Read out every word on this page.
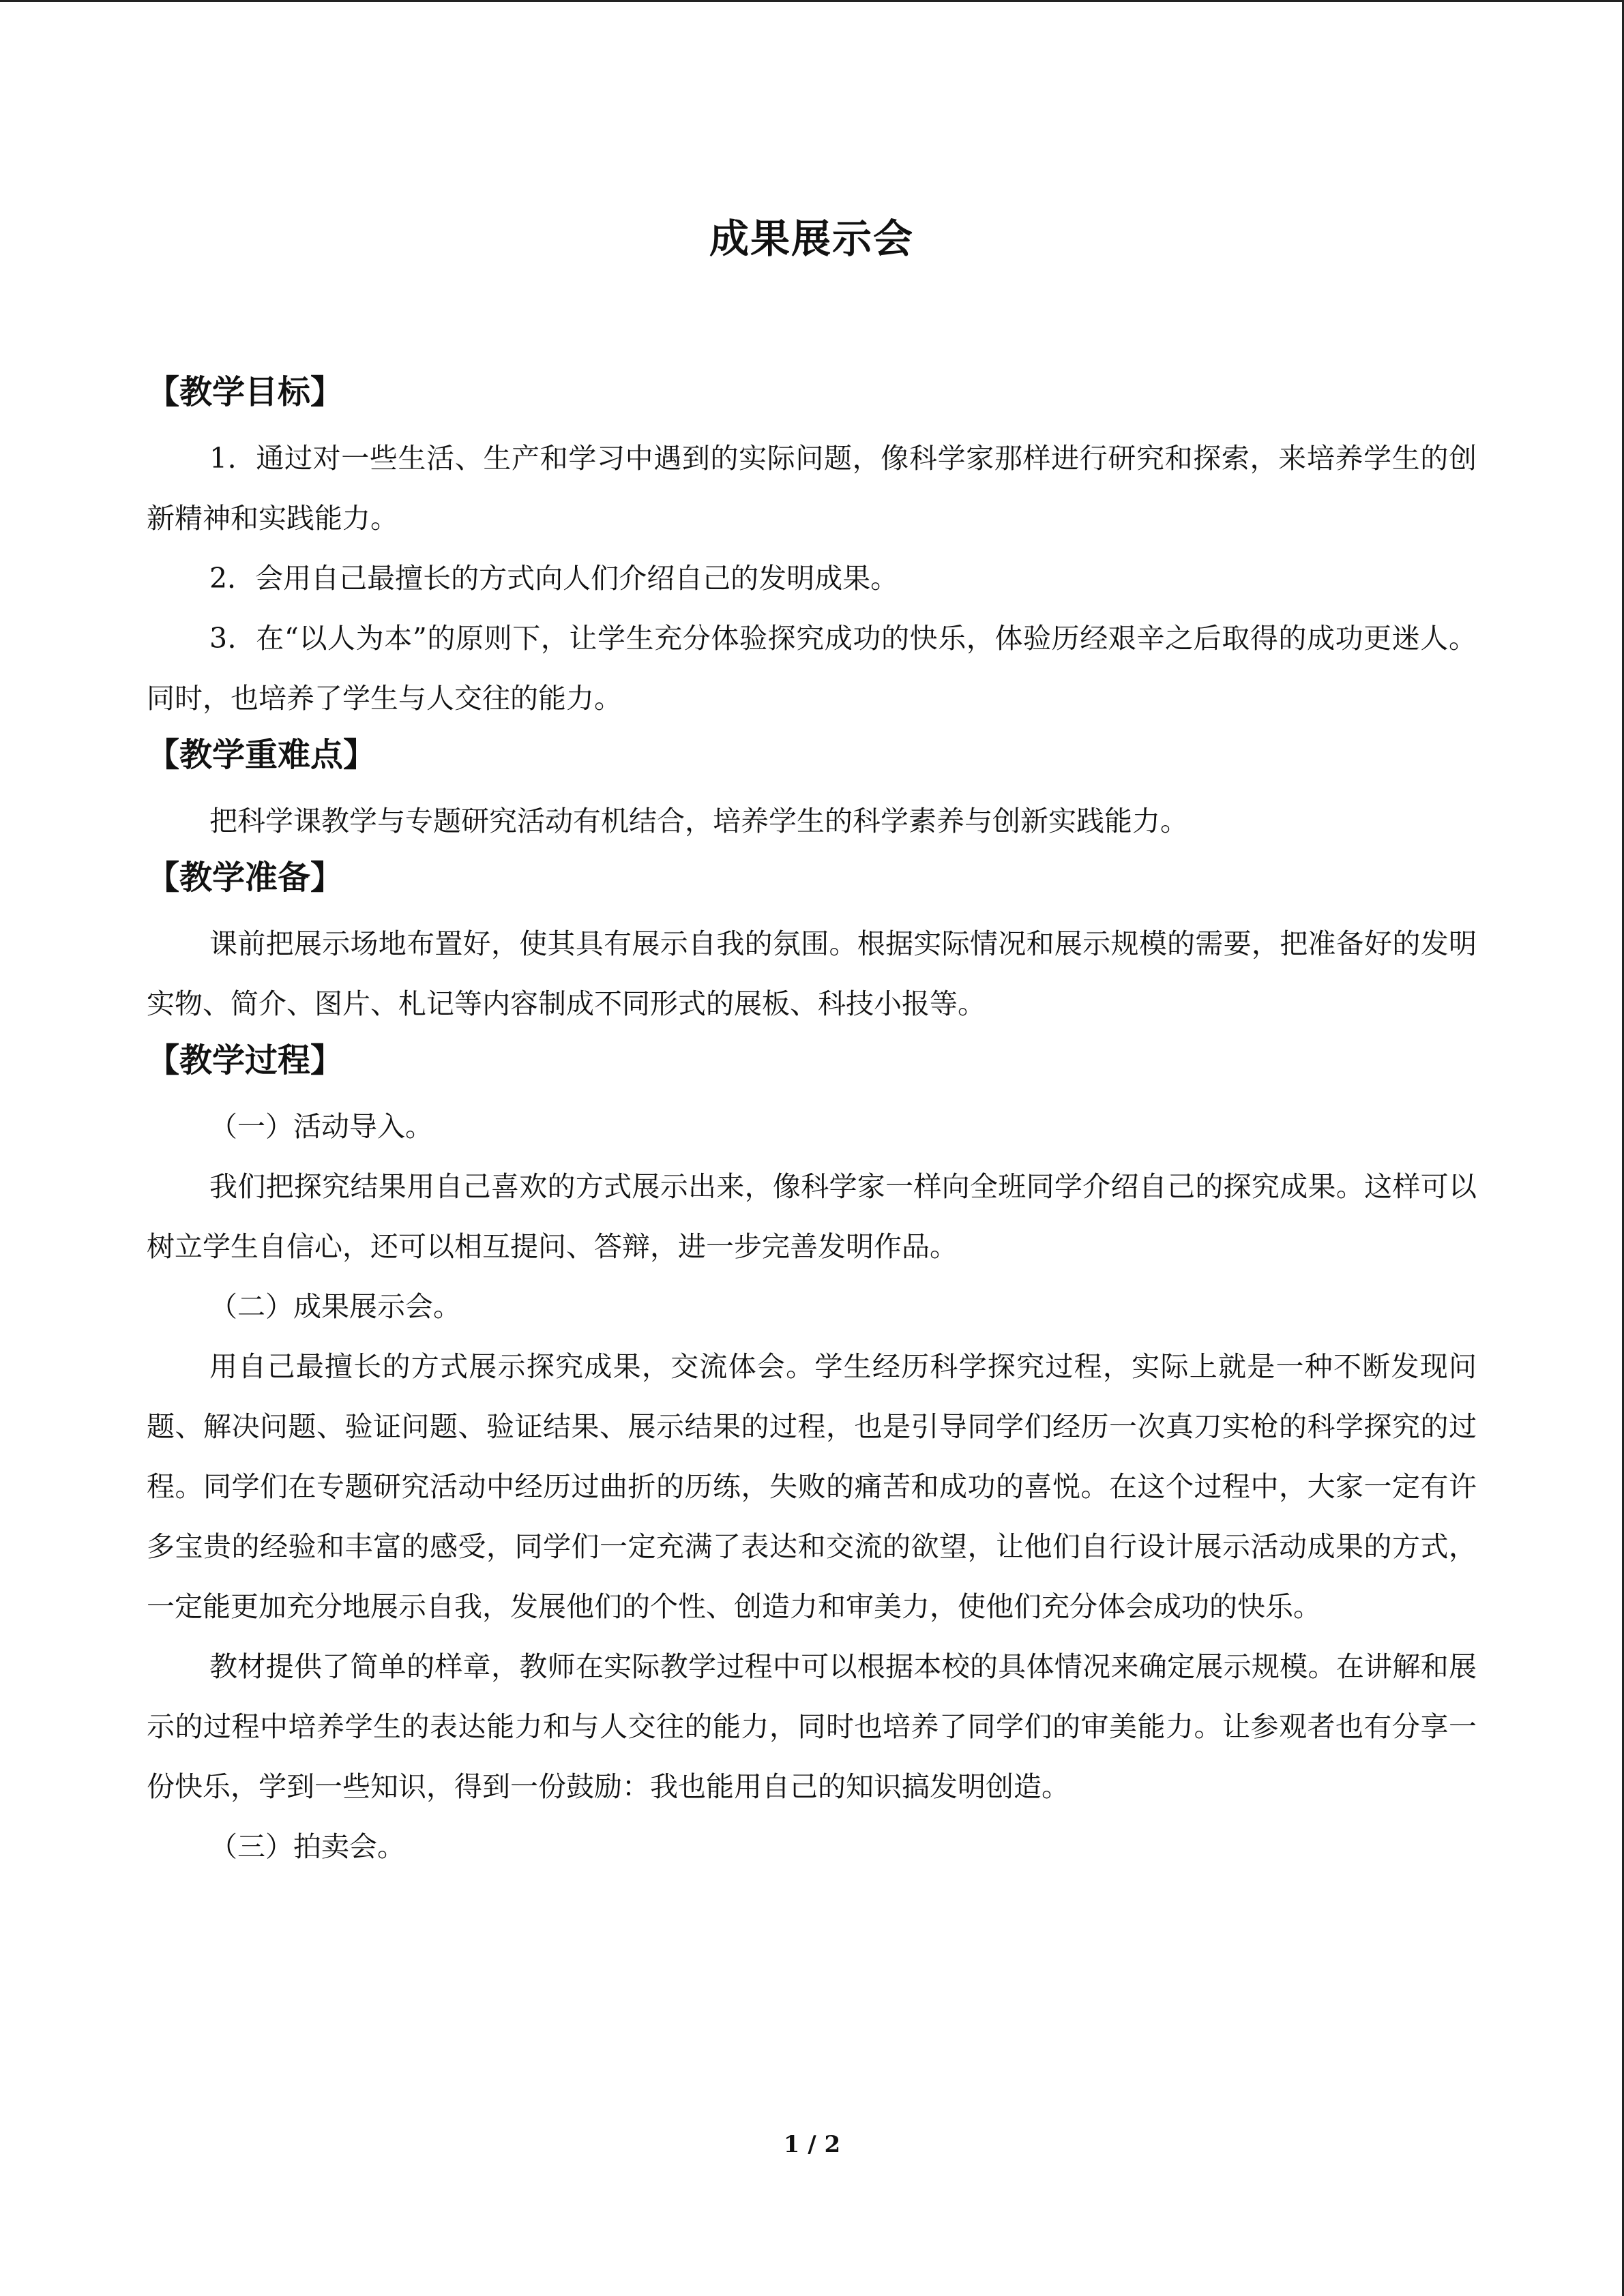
成果展示会
【教学目标】

1．通过对一些生活、生产和学习中遇到的实际问题，像科学家那样进行研究和探索，来培养学生的创新精神和实践能力。

2．会用自己最擅长的方式向人们介绍自己的发明成果。

3．在“以人为本”的原则下，让学生充分体验探究成功的快乐，体验历经艰辛之后取得的成功更迷人。同时，也培养了学生与人交往的能力。

【教学重难点】

把科学课教学与专题研究活动有机结合，培养学生的科学素养与创新实践能力。

【教学准备】

课前把展示场地布置好，使其具有展示自我的氛围。根据实际情况和展示规模的需要，把准备好的发明实物、简介、图片、札记等内容制成不同形式的展板、科技小报等。

【教学过程】

（一）活动导入。

我们把探究结果用自己喜欢的方式展示出来，像科学家一样向全班同学介绍自己的探究成果。这样可以树立学生自信心，还可以相互提问、答辩，进一步完善发明作品。

（二）成果展示会。

用自己最擅长的方式展示探究成果，交流体会。学生经历科学探究过程，实际上就是一种不断发现问题、解决问题、验证问题、验证结果、展示结果的过程，也是引导同学们经历一次真刀实枪的科学探究的过程。同学们在专题研究活动中经历过曲折的历练，失败的痛苦和成功的喜悦。在这个过程中，大家一定有许多宝贵的经验和丰富的感受，同学们一定充满了表达和交流的欲望，让他们自行设计展示活动成果的方式，一定能更加充分地展示自我，发展他们的个性、创造力和审美力，使他们充分体会成功的快乐。

教材提供了简单的样章，教师在实际教学过程中可以根据本校的具体情况来确定展示规模。在讲解和展示的过程中培养学生的表达能力和与人交往的能力，同时也培养了同学们的审美能力。让参观者也有分享一份快乐，学到一些知识，得到一份鼓励：我也能用自己的知识搞发明创造。

（三）拍卖会。

1 / 2
